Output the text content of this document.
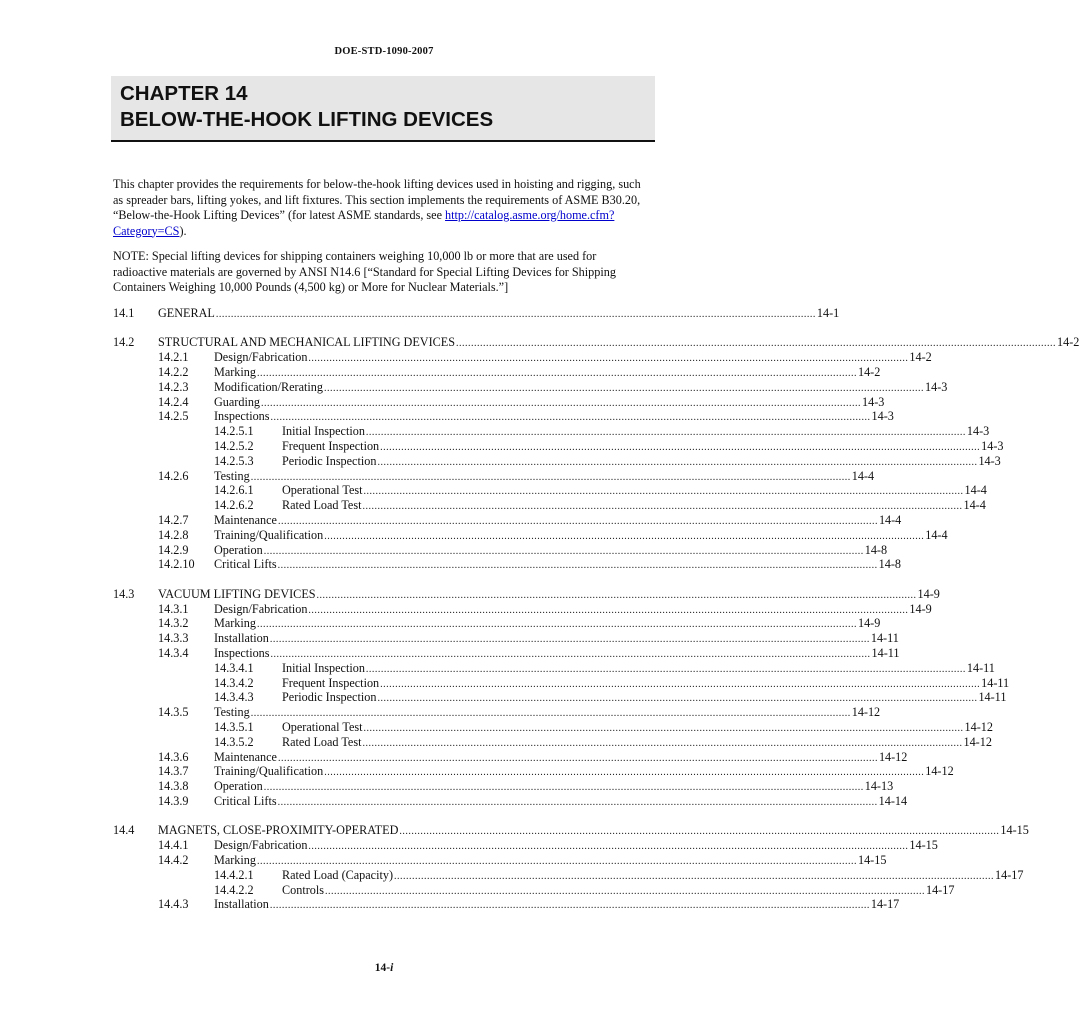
DOE-STD-1090-2007
CHAPTER 14
BELOW-THE-HOOK LIFTING DEVICES

This chapter provides the requirements for below-the-hook lifting devices used in hoisting and rigging, such as spreader bars, lifting yokes, and lift fixtures. This section implements the requirements of ASME B30.20, “Below-the-Hook Lifting Devices” (for latest ASME standards, see http://catalog.asme.org/home.cfm?Category=CS).

NOTE: Special lifting devices for shipping containers weighing 10,000 lb or more that are used for radioactive materials are governed by ANSI N14.6 [“Standard for Special Lifting Devices for Shipping Containers Weighing 10,000 Pounds (4,500 kg) or More for Nuclear Materials.”]

14.1 GENERAL ........................................................................................................................................................................................................ 14-1
14.2 STRUCTURAL AND MECHANICAL LIFTING DEVICES ........................................................................................................................................................................................................ 14-2
14.2.1 Design/Fabrication ........................................................................................................................................................................................................ 14-2
14.2.2 Marking ........................................................................................................................................................................................................ 14-2
14.2.3 Modification/Rerating ........................................................................................................................................................................................................ 14-3
14.2.4 Guarding ........................................................................................................................................................................................................ 14-3
14.2.5 Inspections ........................................................................................................................................................................................................ 14-3
14.2.5.1 Initial Inspection ........................................................................................................................................................................................................ 14-3
14.2.5.2 Frequent Inspection ........................................................................................................................................................................................................ 14-3
14.2.5.3 Periodic Inspection ........................................................................................................................................................................................................ 14-3
14.2.6 Testing ........................................................................................................................................................................................................ 14-4
14.2.6.1 Operational Test ........................................................................................................................................................................................................ 14-4
14.2.6.2 Rated Load Test ........................................................................................................................................................................................................ 14-4
14.2.7 Maintenance ........................................................................................................................................................................................................ 14-4
14.2.8 Training/Qualification ........................................................................................................................................................................................................ 14-4
14.2.9 Operation ........................................................................................................................................................................................................ 14-8
14.2.10 Critical Lifts ........................................................................................................................................................................................................ 14-8
14.3 VACUUM LIFTING DEVICES ........................................................................................................................................................................................................ 14-9
14.3.1 Design/Fabrication ........................................................................................................................................................................................................ 14-9
14.3.2 Marking ........................................................................................................................................................................................................ 14-9
14.3.3 Installation ........................................................................................................................................................................................................ 14-11
14.3.4 Inspections ........................................................................................................................................................................................................ 14-11
14.3.4.1 Initial Inspection ........................................................................................................................................................................................................ 14-11
14.3.4.2 Frequent Inspection ........................................................................................................................................................................................................ 14-11
14.3.4.3 Periodic Inspection ........................................................................................................................................................................................................ 14-11
14.3.5 Testing ........................................................................................................................................................................................................ 14-12
14.3.5.1 Operational Test ........................................................................................................................................................................................................ 14-12
14.3.5.2 Rated Load Test ........................................................................................................................................................................................................ 14-12
14.3.6 Maintenance ........................................................................................................................................................................................................ 14-12
14.3.7 Training/Qualification ........................................................................................................................................................................................................ 14-12
14.3.8 Operation ........................................................................................................................................................................................................ 14-13
14.3.9 Critical Lifts ........................................................................................................................................................................................................ 14-14
14.4 MAGNETS, CLOSE-PROXIMITY-OPERATED ........................................................................................................................................................................................................ 14-15
14.4.1 Design/Fabrication ........................................................................................................................................................................................................ 14-15
14.4.2 Marking ........................................................................................................................................................................................................ 14-15
14.4.2.1 Rated Load (Capacity) ........................................................................................................................................................................................................ 14-17
14.4.2.2 Controls ........................................................................................................................................................................................................ 14-17
14.4.3 Installation ........................................................................................................................................................................................................ 14-17
14-i
